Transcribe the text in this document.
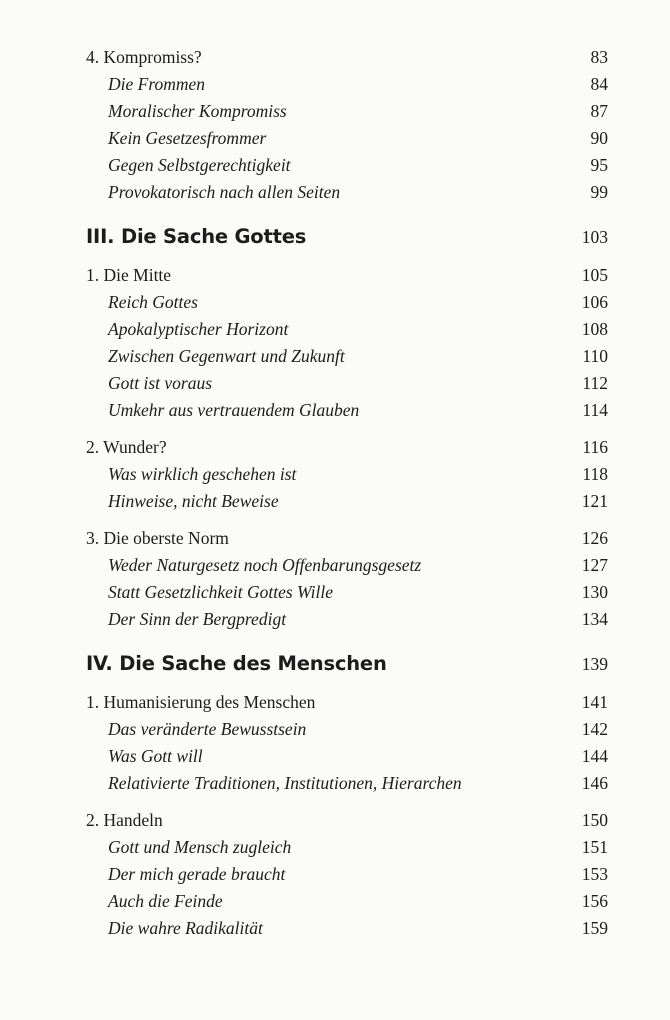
4. Kompromiss?	83
Die Frommen	84
Moralischer Kompromiss	87
Kein Gesetzesfrommer	90
Gegen Selbstgerechtigkeit	95
Provokatorisch nach allen Seiten	99
III. Die Sache Gottes	103
1. Die Mitte	105
Reich Gottes	106
Apokalyptischer Horizont	108
Zwischen Gegenwart und Zukunft	110
Gott ist voraus	112
Umkehr aus vertrauendem Glauben	114
2. Wunder?	116
Was wirklich geschehen ist	118
Hinweise, nicht Beweise	121
3. Die oberste Norm	126
Weder Naturgesetz noch Offenbarungsgesetz	127
Statt Gesetzlichkeit Gottes Wille	130
Der Sinn der Bergpredigt	134
IV. Die Sache des Menschen	139
1. Humanisierung des Menschen	141
Das veränderte Bewusstsein	142
Was Gott will	144
Relativierte Traditionen, Institutionen, Hierarchen	146
2. Handeln	150
Gott und Mensch zugleich	151
Der mich gerade braucht	153
Auch die Feinde	156
Die wahre Radikalität	159
